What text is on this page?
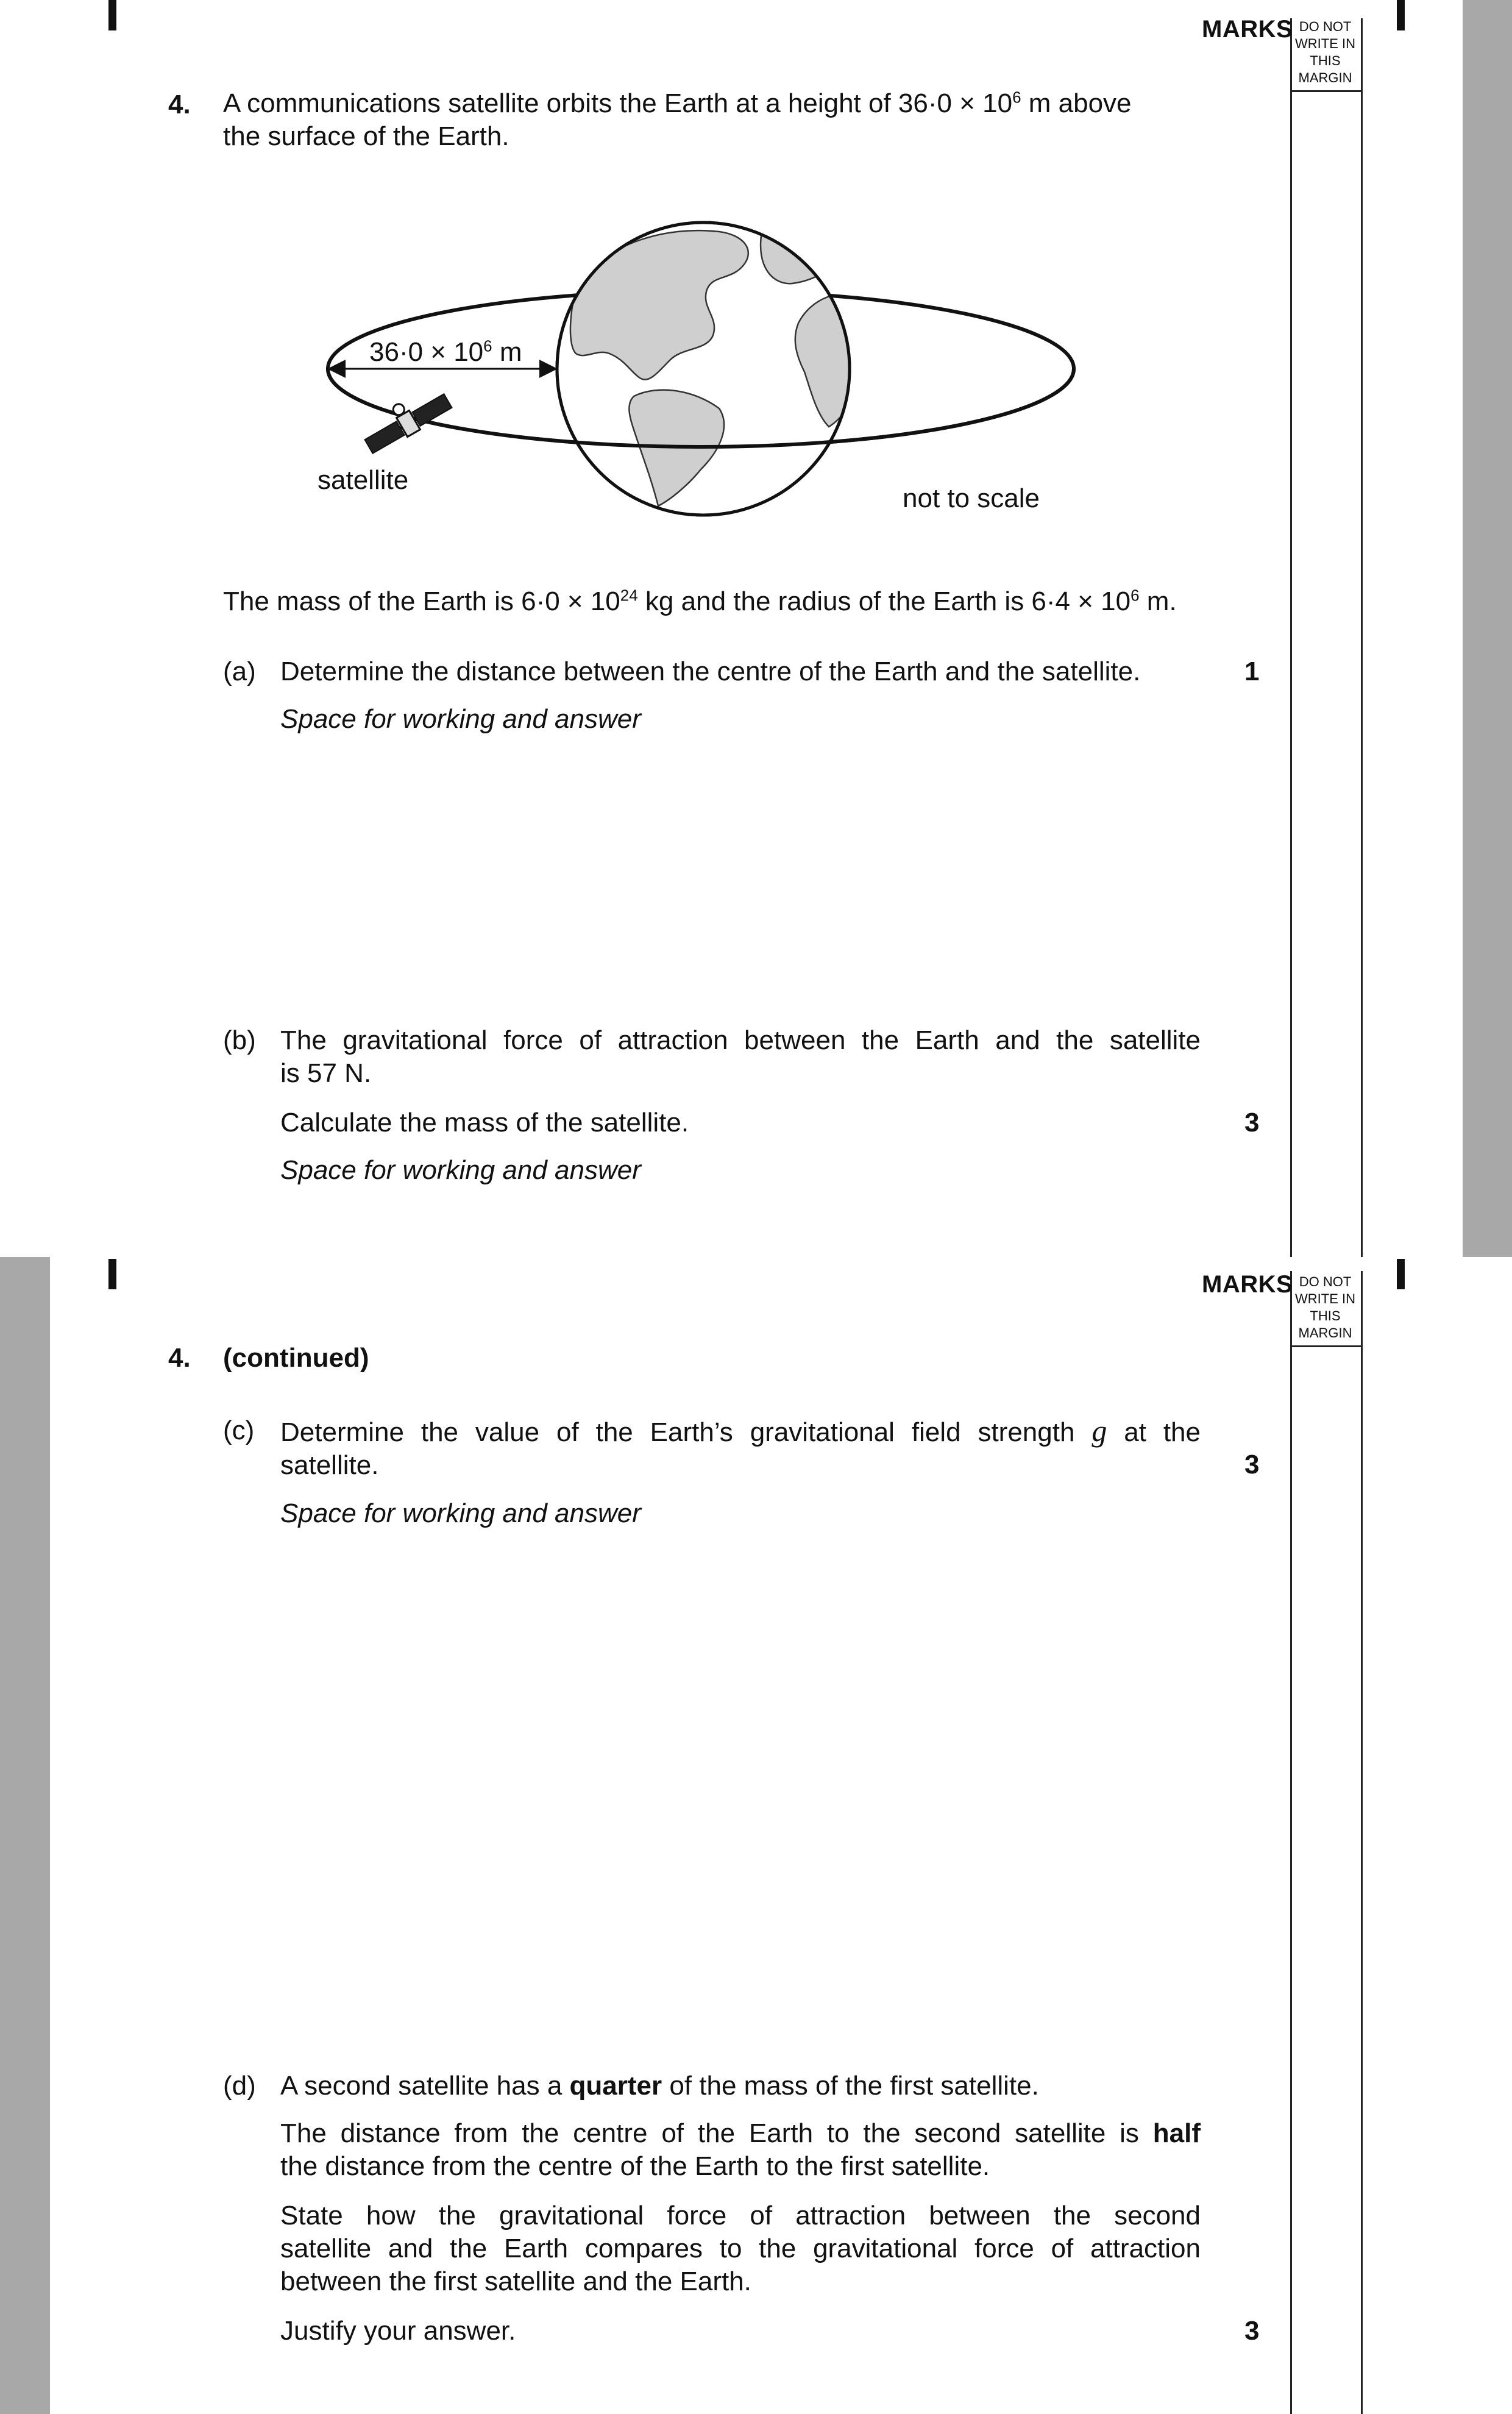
MARKS DO NOT
WRITE IN
THIS
MARGIN
4. A communications satellite orbits the Earth at a height of $36\cdot 0 \times 10^6$ m above
the surface of the Earth.
$36\cdot 0 \times 10^6$ m
satellite
not to scale
The mass of the Earth is $6\cdot 0 \times 10^{24}$ kg and the radius of the Earth is $6\cdot 4 \times 10^6$ m.
(a) Determine the distance between the centre of the Earth and the satellite.	1
Space for working and answer
(b) The gravitational force of attraction between the Earth and the satellite
is 57 N.
Calculate the mass of the satellite.	3
Space for working and answer
MARKS DO NOT
WRITE IN
THIS
MARGIN
4. (continued)
(c) Determine the value of the Earth’s gravitational field strength g at the
satellite.	3
Space for working and answer
(d) A second satellite has a quarter of the mass of the first satellite.
The distance from the centre of the Earth to the second satellite is half
the distance from the centre of the Earth to the first satellite.
State how the gravitational force of attraction between the second
satellite and the Earth compares to the gravitational force of attraction
between the first satellite and the Earth.
Justify your answer.	3
